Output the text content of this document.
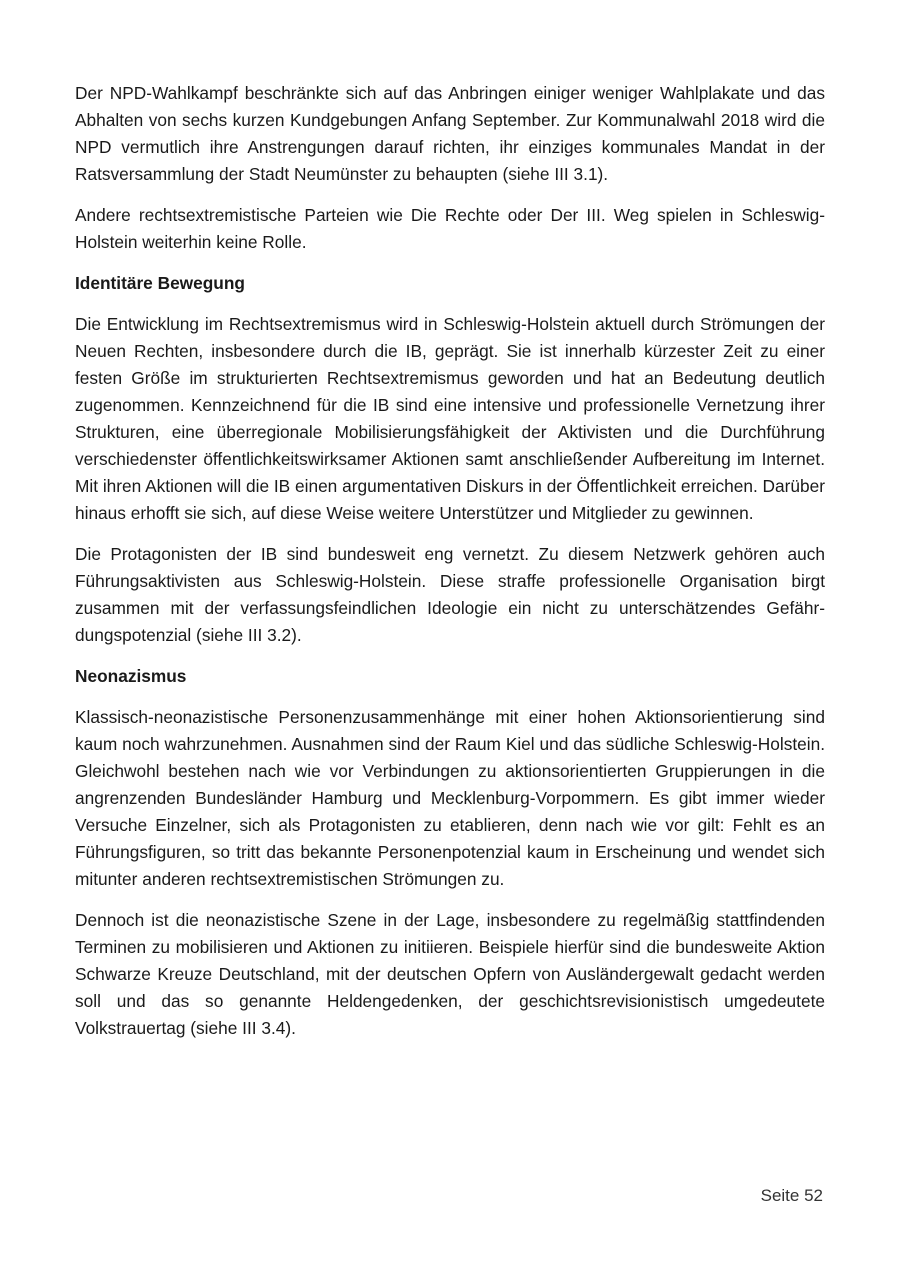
Der NPD-Wahlkampf beschränkte sich auf das Anbringen einiger weniger Wahlplakate und das Abhalten von sechs kurzen Kundgebungen Anfang September. Zur Kommunalwahl 2018 wird die NPD vermutlich ihre Anstrengungen darauf richten, ihr einziges kommunales Mandat in der Ratsversammlung der Stadt Neumünster zu behaupten (siehe III 3.1).

Andere rechtsextremistische Parteien wie Die Rechte oder Der III. Weg spielen in Schleswig-Holstein weiterhin keine Rolle.

Identitäre Bewegung

Die Entwicklung im Rechtsextremismus wird in Schleswig-Holstein aktuell durch Strömungen der Neuen Rechten, insbesondere durch die IB, geprägt. Sie ist innerhalb kürzester Zeit zu einer festen Größe im strukturierten Rechtsextremismus geworden und hat an Bedeutung deutlich zugenommen. Kennzeichnend für die IB sind eine intensive und professionelle Vernetzung ihrer Strukturen, eine überregionale Mobilisierungsfähigkeit der Aktivisten und die Durchführung verschiedenster öffentlichkeitswirksamer Aktionen samt anschließender Aufbereitung im Internet. Mit ihren Aktionen will die IB einen argumentativen Diskurs in der Öffentlichkeit erreichen. Darüber hinaus erhofft sie sich, auf diese Weise weitere Unterstützer und Mitglieder zu gewinnen.

Die Protagonisten der IB sind bundesweit eng vernetzt. Zu diesem Netzwerk gehören auch Führungsaktivisten aus Schleswig-Holstein. Diese straffe professionelle Organisation birgt zusammen mit der verfassungsfeindlichen Ideologie ein nicht zu unterschätzendes Gefährdungspotenzial (siehe III 3.2).

Neonazismus

Klassisch-neonazistische Personenzusammenhänge mit einer hohen Aktionsorientierung sind kaum noch wahrzunehmen. Ausnahmen sind der Raum Kiel und das südliche Schleswig-Holstein. Gleichwohl bestehen nach wie vor Verbindungen zu aktionsorientierten Gruppierungen in die angrenzenden Bundesländer Hamburg und Mecklenburg-Vorpommern. Es gibt immer wieder Versuche Einzelner, sich als Protagonisten zu etablieren, denn nach wie vor gilt: Fehlt es an Führungsfiguren, so tritt das bekannte Personenpotenzial kaum in Erscheinung und wendet sich mitunter anderen rechtsextremistischen Strömungen zu.

Dennoch ist die neonazistische Szene in der Lage, insbesondere zu regelmäßig stattfindenden Terminen zu mobilisieren und Aktionen zu initiieren. Beispiele hierfür sind die bundesweite Aktion Schwarze Kreuze Deutschland, mit der deutschen Opfern von Ausländergewalt gedacht werden soll und das so genannte Heldengedenken, der geschichtsrevisionistisch umgedeutete Volkstrauertag (siehe III 3.4).

Seite 52
